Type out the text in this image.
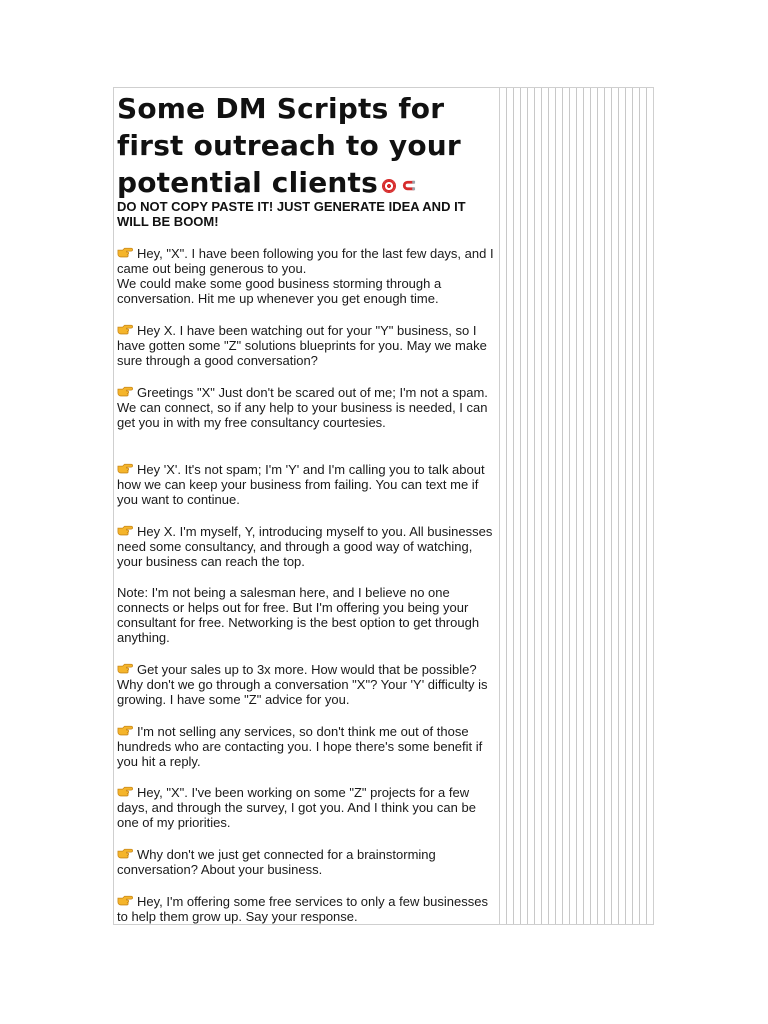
Some DM Scripts for first outreach to your potential clients

DO NOT COPY PASTE IT! JUST GENERATE IDEA AND IT WILL BE BOOM!

Hey, "X". I have been following you for the last few days, and I came out being generous to you.
We could make some good business storming through a conversation. Hit me up whenever you get enough time.

Hey X. I have been watching out for your "Y" business, so I have gotten some "Z" solutions blueprints for you. May we make sure through a good conversation?

Greetings "X" Just don't be scared out of me; I'm not a spam. We can connect, so if any help to your business is needed, I can get you in with my free consultancy courtesies.

Hey 'X'. It's not spam; I'm 'Y' and I'm calling you to talk about how we can keep your business from failing. You can text me if you want to continue.

Hey X. I'm myself, Y, introducing myself to you. All businesses need some consultancy, and through a good way of watching, your business can reach the top.

Note: I'm not being a salesman here, and I believe no one connects or helps out for free. But I'm offering you being your consultant for free. Networking is the best option to get through anything.

Get your sales up to 3x more. How would that be possible? Why don't we go through a conversation "X"? Your 'Y' difficulty is growing. I have some "Z" advice for you.

I'm not selling any services, so don't think me out of those hundreds who are contacting you. I hope there's some benefit if you hit a reply.

Hey, "X". I've been working on some "Z" projects for a few days, and through the survey, I got you. And I think you can be one of my priorities.

Why don't we just get connected for a brainstorming conversation? About your business.

Hey, I'm offering some free services to only a few businesses to help them grow up. Say your response.
